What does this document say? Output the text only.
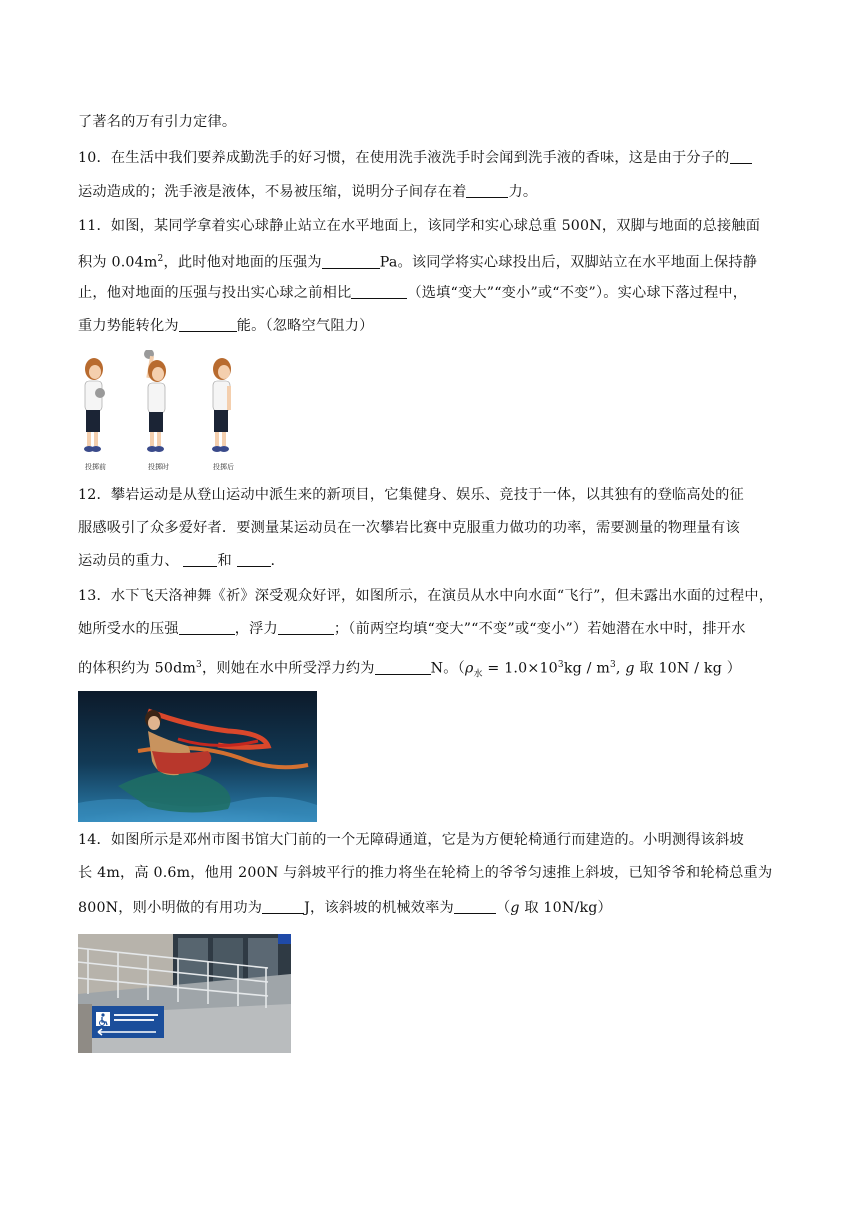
了著名的万有引力定律。
10．在生活中我们要养成勤洗手的好习惯，在使用洗手液洗手时会闻到洗手液的香味，这是由于分子的
运动造成的；洗手液是液体，不易被压缩，说明分子间存在着	力。
11．如图，某同学拿着实心球静止站立在水平地面上，该同学和实心球总重 500N，双脚与地面的总接触面
积为 $0.04m^2$，此时他对地面的压强为	Pa。该同学将实心球投出后，双脚站立在水平地面上保持静
止，他对地面的压强与投出实心球之前相比	（选填“变大”“变小”或“不变”）。实心球下落过程中，
重力势能转化为	能。（忽略空气阻力）
投掷前	投掷时	投掷后
12．攀岩运动是从登山运动中派生来的新项目，它集健身、娱乐、竞技于一体，以其独有的登临高处的征
服感吸引了众多爱好者．要测量某运动员在一次攀岩比赛中克服重力做功的功率，需要测量的物理量有该
运动员的重力、	和	.
13．水下飞天洛神舞《祈》深受观众好评，如图所示，在演员从水中向水面“飞行”，但未露出水面的过程中，
她所受水的压强	，浮力	；（前两空均填“变大”“不变”或“变小”）若她潜在水中时，排开水
的体积约为 $50dm^3$，则她在水中所受浮力约为	N。（$\rho_水 = 1.0\times 10^3kg / m^3$, g 取 10N / kg ）
14．如图所示是邓州市图书馆大门前的一个无障碍通道，它是为方便轮椅通行而建造的。小明测得该斜坡
长 4m，高 0.6m，他用 200N 与斜坡平行的推力将坐在轮椅上的爷爷匀速推上斜坡，已知爷爷和轮椅总重为
800N，则小明做的有用功为	J，该斜坡的机械效率为	（g 取 10N/kg）
